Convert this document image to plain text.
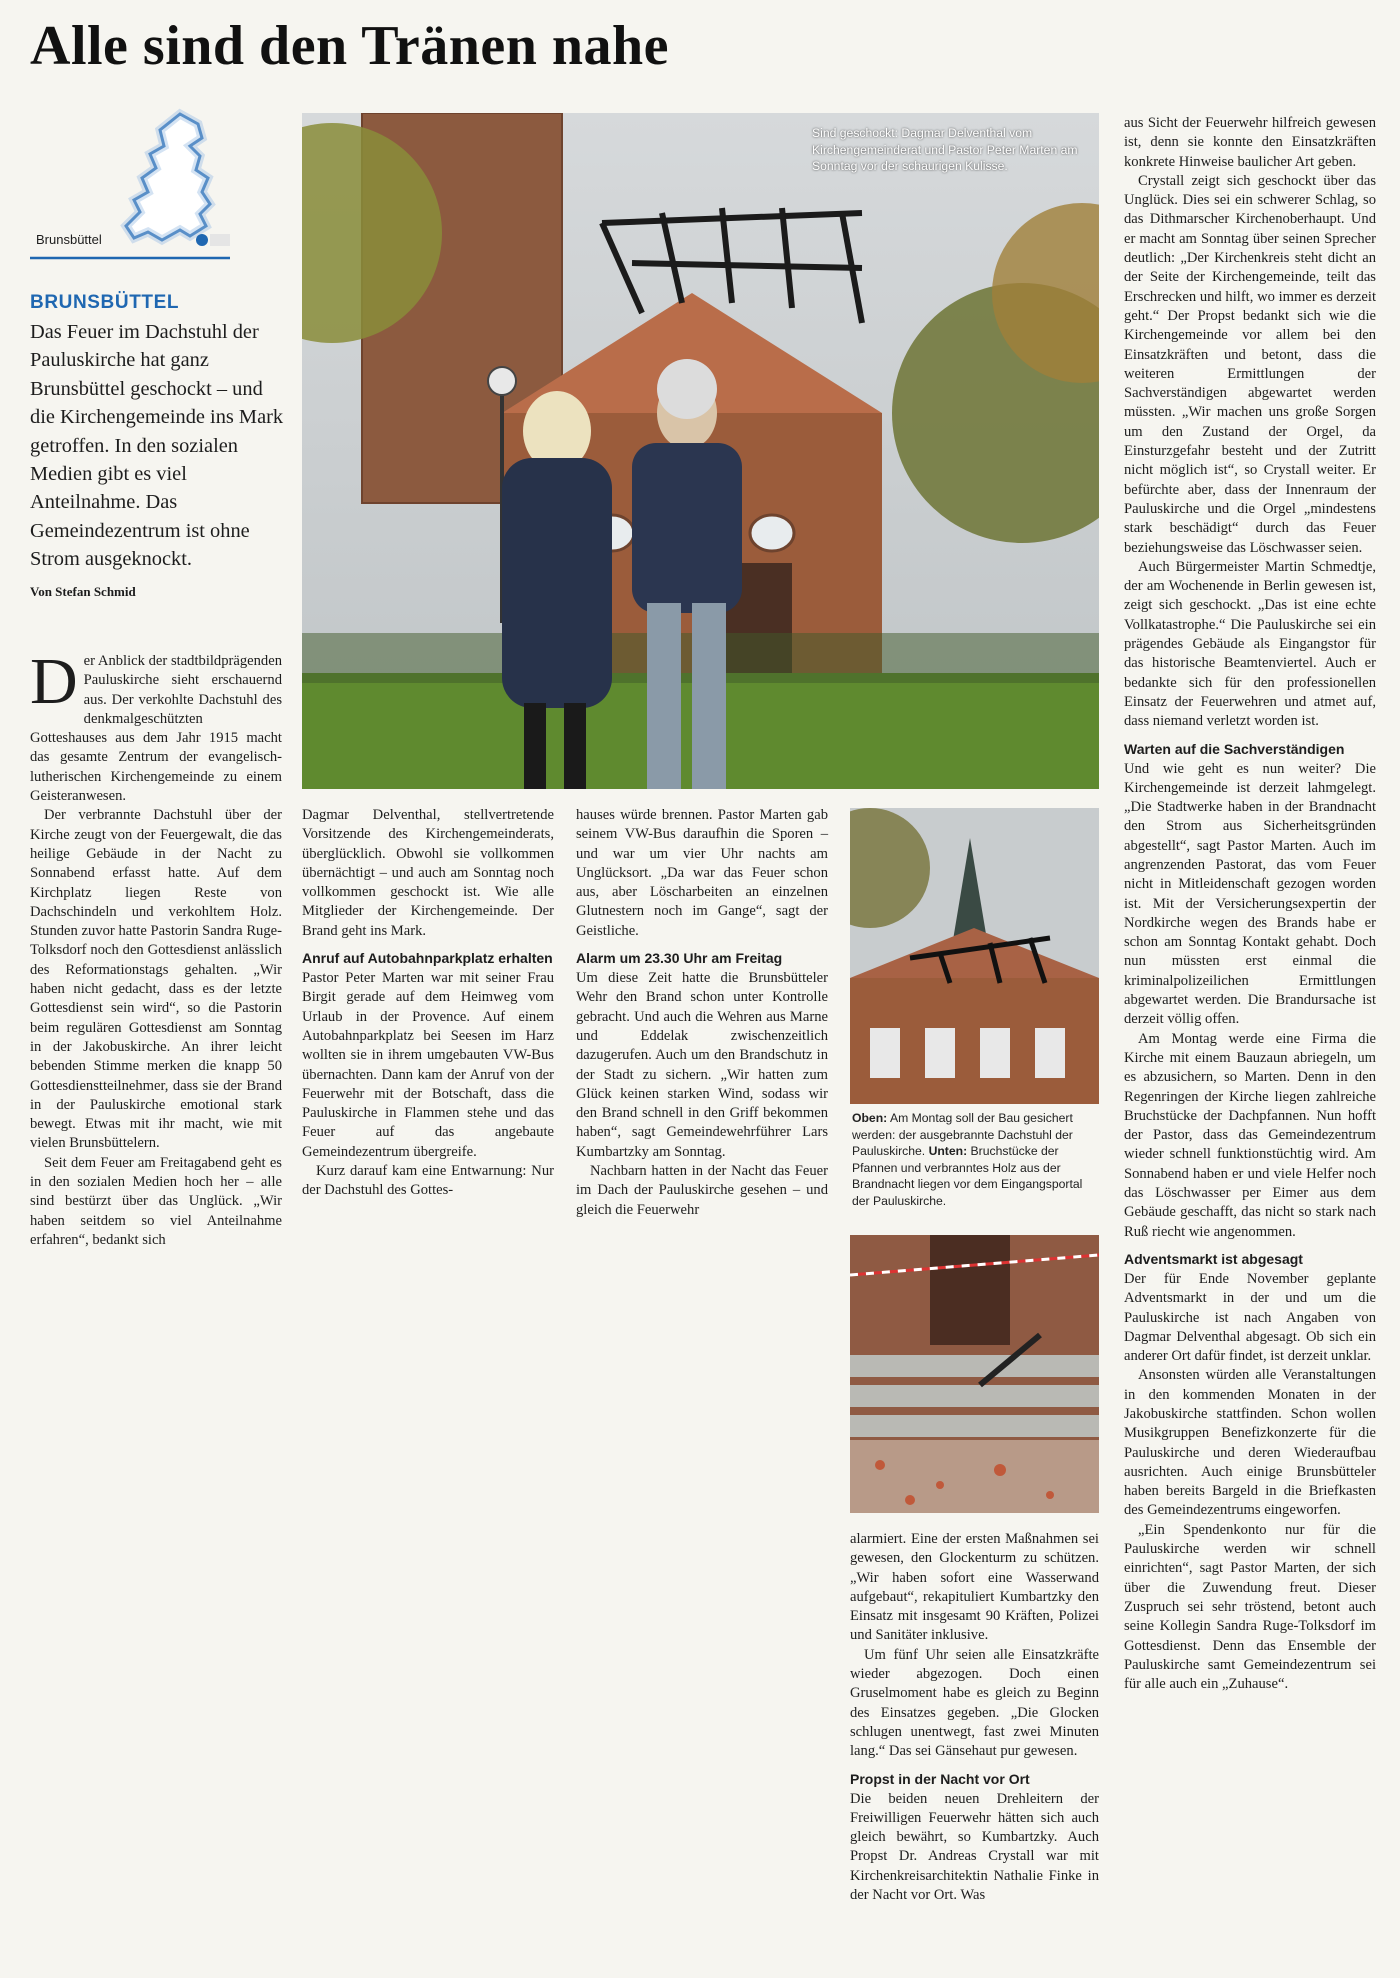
Alle sind den Tränen nahe
Brunsbüttel
BRUNSBÜTTEL
Das Feuer im Dachstuhl der Pauluskirche hat ganz Brunsbüttel geschockt – und die Kirchengemeinde ins Mark getroffen. In den sozialen Medien gibt es viel Anteilnahme. Das Gemeindezentrum ist ohne Strom ausgeknockt.
Von Stefan Schmid
Sind geschockt: Dagmar Delventhal vom Kirchengemeinderat und Pastor Peter Marten am Sonntag vor der schaurigen Kulisse.
Oben: Am Montag soll der Bau gesichert werden: der ausgebrannte Dachstuhl der Pauluskirche. Unten: Bruchstücke der Pfannen und verbranntes Holz aus der Brandnacht liegen vor dem Eingangsportal der Pauluskirche.

Der Anblick der stadtbildprägenden Pauluskirche sieht erschauernd aus. Der verkohlte Dachstuhl des denkmalgeschützten Gotteshauses aus dem Jahr 1915 macht das gesamte Zentrum der evangelisch-lutherischen Kirchengemeinde zu einem Geisteranwesen.

Der verbrannte Dachstuhl über der Kirche zeugt von der Feuergewalt, die das heilige Gebäude in der Nacht zu Sonnabend erfasst hatte. Auf dem Kirchplatz liegen Reste von Dachschindeln und verkohltem Holz. Stunden zuvor hatte Pastorin Sandra Ruge-Tolksdorf noch den Gottesdienst anlässlich des Reformationstags gehalten. „Wir haben nicht gedacht, dass es der letzte Gottesdienst sein wird“, so die Pastorin beim regulären Gottesdienst am Sonntag in der Jakobuskirche. An ihrer leicht bebenden Stimme merken die knapp 50 Gottesdienstteilnehmer, dass sie der Brand in der Pauluskirche emotional stark bewegt. Etwas mit ihr macht, wie mit vielen Brunsbüttelern.

Seit dem Feuer am Freitagabend geht es in den sozialen Medien hoch her – alle sind bestürzt über das Unglück. „Wir haben seitdem so viel Anteilnahme erfahren“, bedankt sich

Dagmar Delventhal, stellvertretende Vorsitzende des Kirchengemeinderats, überglücklich. Obwohl sie vollkommen übernächtigt – und auch am Sonntag noch vollkommen geschockt ist. Wie alle Mitglieder der Kirchengemeinde. Der Brand geht ins Mark.

Anruf auf Autobahnparkplatz erhalten

Pastor Peter Marten war mit seiner Frau Birgit gerade auf dem Heimweg vom Urlaub in der Provence. Auf einem Autobahnparkplatz bei Seesen im Harz wollten sie in ihrem umgebauten VW-Bus übernachten. Dann kam der Anruf von der Feuerwehr mit der Botschaft, dass die Pauluskirche in Flammen stehe und das Feuer auf das angebaute Gemeindezentrum übergreife.

Kurz darauf kam eine Entwarnung: Nur der Dachstuhl des Gottes-

hauses würde brennen. Pastor Marten gab seinem VW-Bus daraufhin die Sporen – und war um vier Uhr nachts am Unglücksort. „Da war das Feuer schon aus, aber Löscharbeiten an einzelnen Glutnestern noch im Gange“, sagt der Geistliche.

Alarm um 23.30 Uhr am Freitag

Um diese Zeit hatte die Brunsbütteler Wehr den Brand schon unter Kontrolle gebracht. Und auch die Wehren aus Marne und Eddelak zwischenzeitlich dazugerufen. Auch um den Brandschutz in der Stadt zu sichern. „Wir hatten zum Glück keinen starken Wind, sodass wir den Brand schnell in den Griff bekommen haben“, sagt Gemeindewehrführer Lars Kumbartzky am Sonntag.

Nachbarn hatten in der Nacht das Feuer im Dach der Pauluskirche gesehen – und gleich die Feuerwehr

alarmiert. Eine der ersten Maßnahmen sei gewesen, den Glockenturm zu schützen. „Wir haben sofort eine Wasserwand aufgebaut“, rekapituliert Kumbartzky den Einsatz mit insgesamt 90 Kräften, Polizei und Sanitäter inklusive.

Um fünf Uhr seien alle Einsatzkräfte wieder abgezogen. Doch einen Gruselmoment habe es gleich zu Beginn des Einsatzes gegeben. „Die Glocken schlugen unentwegt, fast zwei Minuten lang.“ Das sei Gänsehaut pur gewesen.

Propst in der Nacht vor Ort

Die beiden neuen Drehleitern der Freiwilligen Feuerwehr hätten sich auch gleich bewährt, so Kumbartzky. Auch Propst Dr. Andreas Crystall war mit Kirchenkreisarchitektin Nathalie Finke in der Nacht vor Ort. Was

aus Sicht der Feuerwehr hilfreich gewesen ist, denn sie konnte den Einsatzkräften konkrete Hinweise baulicher Art geben.

Crystall zeigt sich geschockt über das Unglück. Dies sei ein schwerer Schlag, so das Dithmarscher Kirchenoberhaupt. Und er macht am Sonntag über seinen Sprecher deutlich: „Der Kirchenkreis steht dicht an der Seite der Kirchengemeinde, teilt das Erschrecken und hilft, wo immer es derzeit geht.“ Der Propst bedankt sich wie die Kirchengemeinde vor allem bei den Einsatzkräften und betont, dass die weiteren Ermittlungen der Sachverständigen abgewartet werden müssten. „Wir machen uns große Sorgen um den Zustand der Orgel, da Einsturzgefahr besteht und der Zutritt nicht möglich ist“, so Crystall weiter. Er befürchte aber, dass der Innenraum der Pauluskirche und die Orgel „mindestens stark beschädigt“ durch das Feuer beziehungsweise das Löschwasser seien.

Auch Bürgermeister Martin Schmedtje, der am Wochenende in Berlin gewesen ist, zeigt sich geschockt. „Das ist eine echte Vollkatastrophe.“ Die Pauluskirche sei ein prägendes Gebäude als Eingangstor für das historische Beamtenviertel. Auch er bedankte sich für den professionellen Einsatz der Feuerwehren und atmet auf, dass niemand verletzt worden ist.

Warten auf die Sachverständigen

Und wie geht es nun weiter? Die Kirchengemeinde ist derzeit lahmgelegt. „Die Stadtwerke haben in der Brandnacht den Strom aus Sicherheitsgründen abgestellt“, sagt Pastor Marten. Auch im angrenzenden Pastorat, das vom Feuer nicht in Mitleidenschaft gezogen worden ist. Mit der Versicherungsexpertin der Nordkirche wegen des Brands habe er schon am Sonntag Kontakt gehabt. Doch nun müssten erst einmal die kriminalpolizeilichen Ermittlungen abgewartet werden. Die Brandursache ist derzeit völlig offen.

Am Montag werde eine Firma die Kirche mit einem Bauzaun abriegeln, um es abzusichern, so Marten. Denn in den Regenringen der Kirche liegen zahlreiche Bruchstücke der Dachpfannen. Nun hofft der Pastor, dass das Gemeindezentrum wieder schnell funktionstüchtig wird. Am Sonnabend haben er und viele Helfer noch das Löschwasser per Eimer aus dem Gebäude geschafft, das nicht so stark nach Ruß riecht wie angenommen.

Adventsmarkt ist abgesagt

Der für Ende November geplante Adventsmarkt in der und um die Pauluskirche ist nach Angaben von Dagmar Delventhal abgesagt. Ob sich ein anderer Ort dafür findet, ist derzeit unklar.

Ansonsten würden alle Veranstaltungen in den kommenden Monaten in der Jakobuskirche stattfinden. Schon wollen Musikgruppen Benefizkonzerte für die Pauluskirche und deren Wiederaufbau ausrichten. Auch einige Brunsbütteler haben bereits Bargeld in die Briefkasten des Gemeindezentrums eingeworfen.

„Ein Spendenkonto nur für die Pauluskirche werden wir schnell einrichten“, sagt Pastor Marten, der sich über die Zuwendung freut. Dieser Zuspruch sei sehr tröstend, betont auch seine Kollegin Sandra Ruge-Tolksdorf im Gottesdienst. Denn das Ensemble der Pauluskirche samt Gemeindezentrum sei für alle auch ein „Zuhause“.
